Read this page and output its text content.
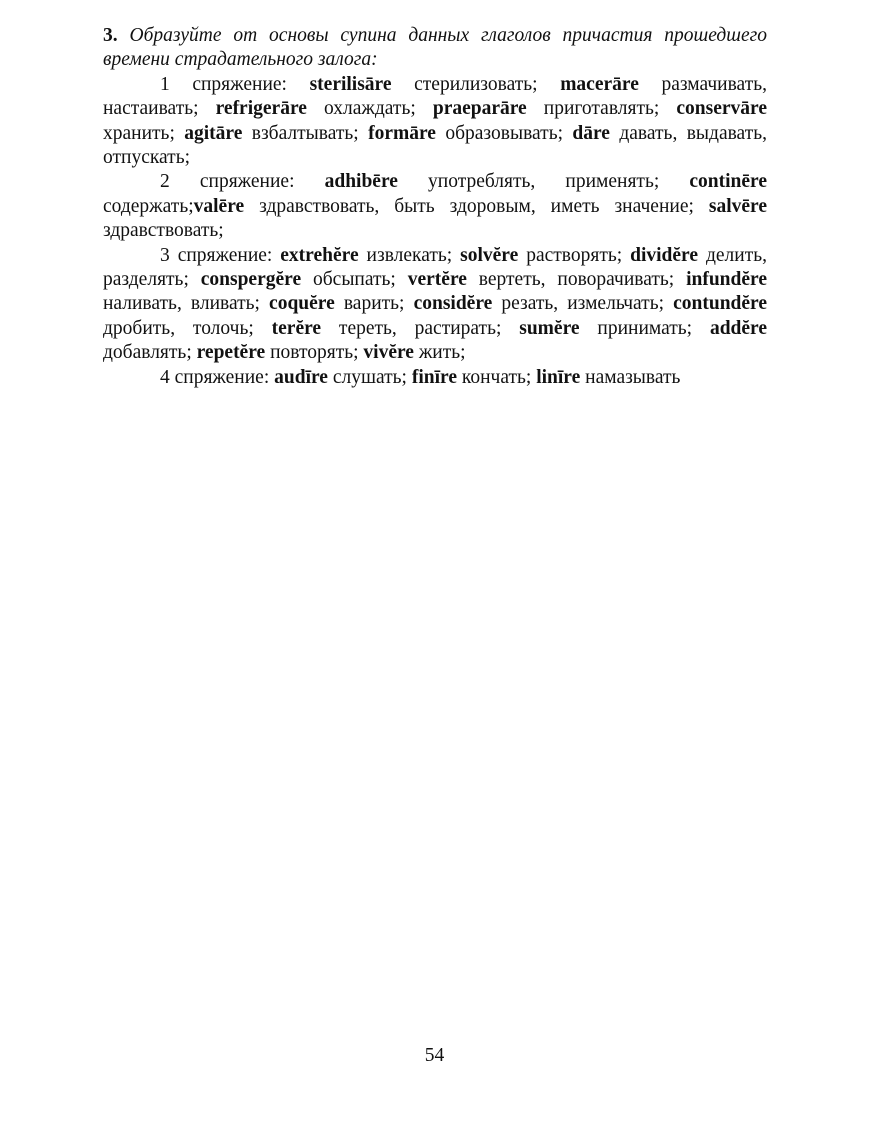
3. Образуйте от основы супина данных глаголов причастия прошедшего времени страдательного залога:

1 спряжение: sterilisāre стерилизовать; macerāre размачивать, настаивать; refrigerāre охлаждать; praeparāre приготавлять; conservāre хранить; agitāre взбалтывать; formāre образовывать; dāre давать, выдавать, отпускать;

2 спряжение: adhibēre употреблять, применять; continēre содержать;valēre здравствовать, быть здоровым, иметь значение; salvēre здравствовать;

3 спряжение: extrehĕre извлекать; solvĕre растворять; dividĕre делить, разделять; conspergĕre обсыпать; vertĕre вертеть, поворачивать; infundĕre наливать, вливать; coquĕre варить; considĕre резать, измельчать; contundĕre дробить, толочь; terĕre тереть, растирать; sumĕre принимать; addĕre добавлять; repetĕre повторять; vivĕre жить;

4 спряжение: audīre слушать; finīre кончать; linīre намазывать

54
